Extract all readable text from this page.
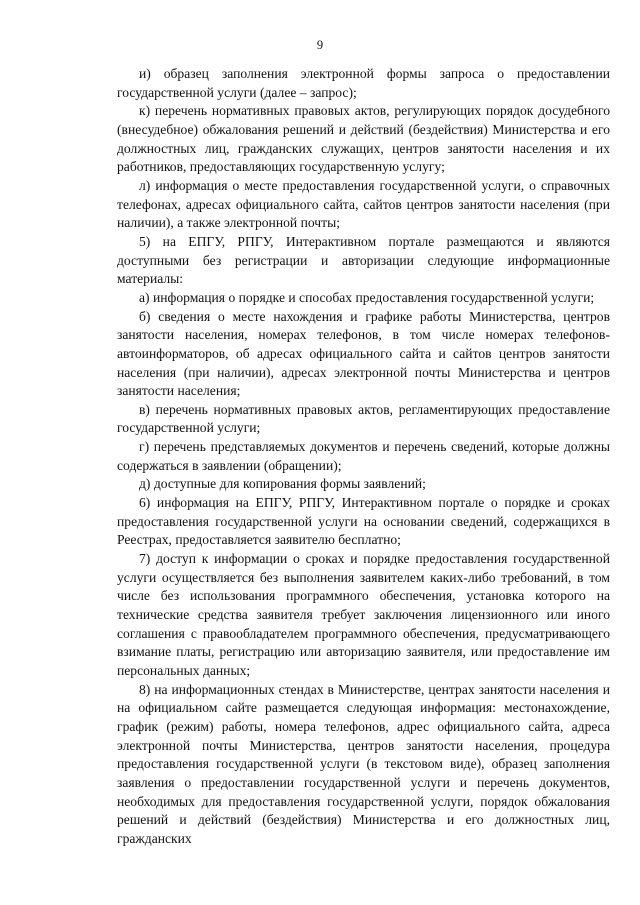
9

и) образец заполнения электронной формы запроса о предоставлении государственной услуги (далее – запрос);

к) перечень нормативных правовых актов, регулирующих порядок досудебного (внесудебное) обжалования решений и действий (бездействия) Министерства и его должностных лиц, гражданских служащих, центров занятости населения и их работников, предоставляющих государственную услугу;

л) информация о месте предоставления государственной услуги, о справочных телефонах, адресах официального сайта, сайтов центров занятости населения (при наличии), а также электронной почты;

5) на ЕПГУ, РПГУ, Интерактивном портале размещаются и являются доступными без регистрации и авторизации следующие информационные материалы:

а) информация о порядке и способах предоставления государственной услуги;

б) сведения о месте нахождения и графике работы Министерства, центров занятости населения, номерах телефонов, в том числе номерах телефонов-автоинформаторов, об адресах официального сайта и сайтов центров занятости населения (при наличии), адресах электронной почты Министерства и центров занятости населения;

в) перечень нормативных правовых актов, регламентирующих предоставление государственной услуги;

г) перечень представляемых документов и перечень сведений, которые должны содержаться в заявлении (обращении);

д) доступные для копирования формы заявлений;

6) информация на ЕПГУ, РПГУ, Интерактивном портале о порядке и сроках предоставления государственной услуги на основании сведений, содержащихся в Реестрах, предоставляется заявителю бесплатно;

7) доступ к информации о сроках и порядке предоставления государственной услуги осуществляется без выполнения заявителем каких-либо требований, в том числе без использования программного обеспечения, установка которого на технические средства заявителя требует заключения лицензионного или иного соглашения с правообладателем программного обеспечения, предусматривающего взимание платы, регистрацию или авторизацию заявителя, или предоставление им персональных данных;

8) на информационных стендах в Министерстве, центрах занятости населения и на официальном сайте размещается следующая информация: местонахождение, график (режим) работы, номера телефонов, адрес официального сайта, адреса электронной почты Министерства, центров занятости населения, процедура предоставления государственной услуги (в текстовом виде), образец заполнения заявления о предоставлении государственной услуги и перечень документов, необходимых для предоставления государственной услуги, порядок обжалования решений и действий (бездействия) Министерства и его должностных лиц, гражданских
